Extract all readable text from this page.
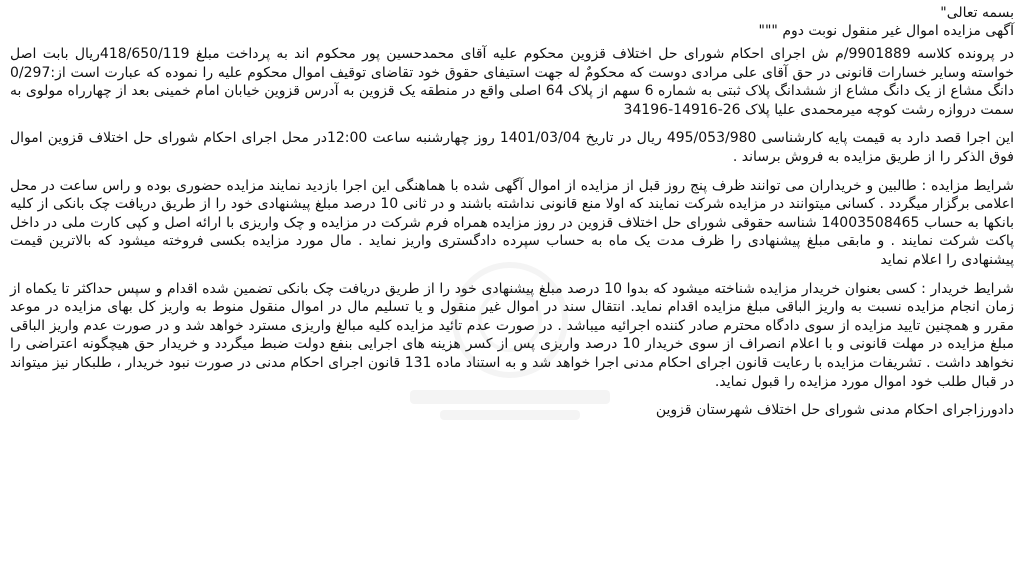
بسمه تعالی"

آگهی مزایده اموال غیر منقول نوبت دوم """

در پرونده کلاسه 9901889/م ش اجرای احکام شورای حل اختلاف قزوین محکوم علیه آقای محمدحسین پور محکوم اند به پرداخت مبلغ 418/650/119ریال بابت اصل خواسته وسایر خسارات قانونی در حق آقای علی مرادی دوست که محکومٌ له جهت استیفای حقوق خود تقاضای توقیف اموال محکوم علیه را نموده که عبارت است از:0/297 دانگ مشاع از یک دانگ مشاع از ششدانگ پلاک ثبتی به شماره 6 سهم از پلاک 64 اصلی واقع در منطقه یک قزوین به آدرس قزوین خیابان امام خمینی بعد از چهارراه مولوی به سمت دروازه رشت کوچه میرمحمدی علیا پلاک 26-14916-34196

این اجرا قصد دارد به قیمت پایه کارشناسی 495/053/980 ریال در تاریخ 1401/03/04 روز چهارشنبه ساعت 12:00در محل اجرای احکام شورای حل اختلاف قزوین اموال فوق الذکر را از طریق مزایده به فروش برساند .

شرایط مزایده : طالبین و خریداران می توانند ظرف پنج روز قبل از مزایده از اموال آگهی شده با هماهنگی این اجرا بازدید نمایند مزایده حضوری بوده و راس ساعت در محل اعلامی برگزار میگردد . کسانی میتوانند در مزایده شرکت نمایند که اولا منع قانونی نداشته باشند و در ثانی 10 درصد مبلغ پیشنهادی خود را از طریق دریافت چک بانکی از کلیه بانکها به حساب 14003508465 شناسه حقوقی شورای حل اختلاف قزوین در روز مزایده همراه فرم شرکت در مزایده و چک واریزی با ارائه اصل و کپی کارت ملی در داخل پاکت شرکت نمایند . و مابقی مبلغ پیشنهادی را ظرف مدت یک ماه به حساب سپرده دادگستری واریز نماید . مال مورد مزایده بکسی فروخته میشود که بالاترین قیمت پیشنهادی را اعلام نماید

شرایط خریدار : کسی بعنوان خریدار مزایده شناخته میشود که بدوا 10 درصد مبلغ پیشنهادی خود را از طریق دریافت چک بانکی تضمین شده اقدام و سپس حداکثر تا یکماه از زمان انجام مزایده نسبت به واریز الباقی مبلغ مزایده اقدام نماید. انتقال سند در اموال غیر منقول و یا تسلیم مال در اموال منقول منوط به واریز کل بهای مزایده در موعد مقرر و همچنین تایید مزایده از سوی دادگاه محترم صادر کننده اجرائیه میباشد . در صورت عدم تائید مزایده کلیه مبالغ واریزی مسترد خواهد شد و در صورت عدم واریز الباقی مبلغ مزایده در مهلت قانونی و با اعلام انصراف از سوی خریدار 10 درصد واریزی پس از کسر هزینه های اجرایی بنفع دولت ضبط میگردد و خریدار حق هیچگونه اعتراضی را نخواهد داشت . تشریفات مزایده با رعایت قانون اجرای احکام مدنی اجرا خواهد شد و به استناد ماده 131 قانون اجرای احکام مدنی در صورت نبود خریدار ، طلبکار نیز میتواند در قبال طلب خود اموال مورد مزایده را قبول نماید.

دادورزاجرای احکام مدنی شورای حل اختلاف شهرستان قزوین
